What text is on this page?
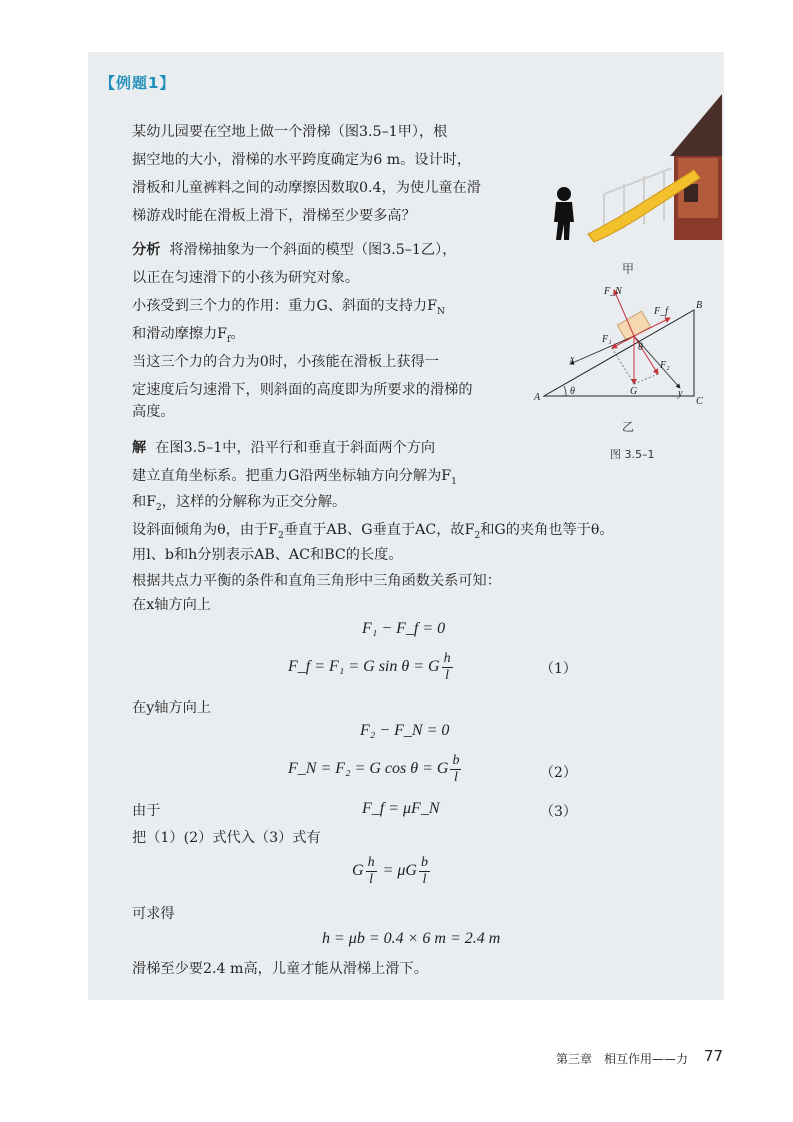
【例题1】
某幼儿园要在空地上做一个滑梯（图3.5–1甲），根
据空地的大小，滑梯的水平跨度确定为6 m。设计时，
滑板和儿童裤料之间的动摩擦因数取0.4，为使儿童在滑
梯游戏时能在滑板上滑下，滑梯至少要多高？
分析 将滑梯抽象为一个斜面的模型（图3.5–1乙），
以正在匀速滑下的小孩为研究对象。
小孩受到三个力的作用：重力G、斜面的支持力$F_N$
和滑动摩擦力$F_f$。
当这三个力的合力为0时，小孩能在滑板上获得一
定速度后匀速滑下，则斜面的高度即为所要求的滑梯的
高度。
解 在图3.5–1中，沿平行和垂直于斜面两个方向
建立直角坐标系。把重力G沿两坐标轴方向分解为$F_1$
和$F_2$，这样的分解称为正交分解。
设斜面倾角为θ，由于$F_2$垂直于AB、G垂直于AC，故$F_2$和G的夹角也等于θ。
用l、b和h分别表示AB、AC和BC的长度。
根据共点力平衡的条件和直角三角形中三角函数关系可知：
在x轴方向上
F₁ − F_f = 0
F_f = F₁ = G sin θ = G $\frac{h}{l}$	（1）
在y轴方向上
F₂ − F_N = 0
F_N = F₂ = G cos θ = G $\frac{b}{l}$	（2）
由于	F_f = μF_N	（3）
把（1）(2）式代入（3）式有
G $\frac{h}{l} = \mu G \frac{b}{l}$
可求得
h = μb = 0.4 × 6 m = 2.4 m
滑梯至少要2.4 m高，儿童才能从滑梯上滑下。
甲
A
B
C
θ
θ
F_N
F_f
F₁
F₂
G
x
y
乙
图 3.5–1
第三章　相互作用——力 77
